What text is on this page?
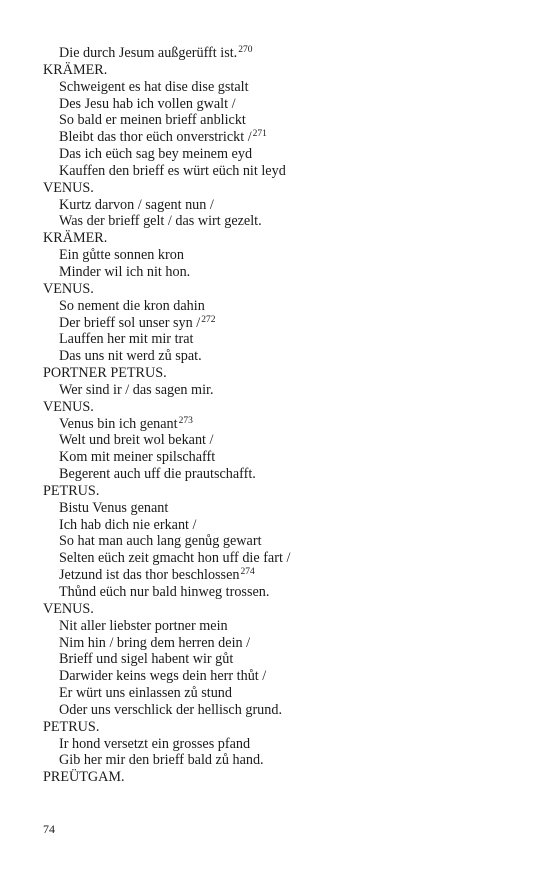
Die durch Jesum außgerüfft ist.$^{270}$
KRÄMER.
Schweigent es hat dise dise gstalt
Des Jesu hab ich vollen gwalt /
So bald er meinen brieff anblickt
Bleibt das thor eüch onverstrickt /$^{271}$
Das ich eüch sag bey meinem eyd
Kauffen den brieff es würt eüch nit leyd
VENUS.
Kurtz darvon / sagent nun /
Was der brieff gelt / das wirt gezelt.
KRÄMER.
Ein gůtte sonnen kron
Minder wil ich nit hon.
VENUS.
So nement die kron dahin
Der brieff sol unser syn /$^{272}$
Lauffen her mit mir trat
Das uns nit werd zů spat.
PORTNER PETRUS.
Wer sind ir / das sagen mir.
VENUS.
Venus bin ich genant$^{273}$
Welt und breit wol bekant /
Kom mit meiner spilschafft
Begerent auch uff die prautschafft.
PETRUS.
Bistu Venus genant
Ich hab dich nie erkant /
So hat man auch lang genůg gewart
Selten eüch zeit gmacht hon uff die fart /
Jetzund ist das thor beschlossen$^{274}$
Thůnd eüch nur bald hinweg trossen.
VENUS.
Nit aller liebster portner mein
Nim hin / bring dem herren dein /
Brieff und sigel habent wir gůt
Darwider keins wegs dein herr thůt /
Er würt uns einlassen zů stund
Oder uns verschlick der hellisch grund.
PETRUS.
Ir hond versetzt ein grosses pfand
Gib her mir den brieff bald zů hand.
PREÜTGAM.
74
